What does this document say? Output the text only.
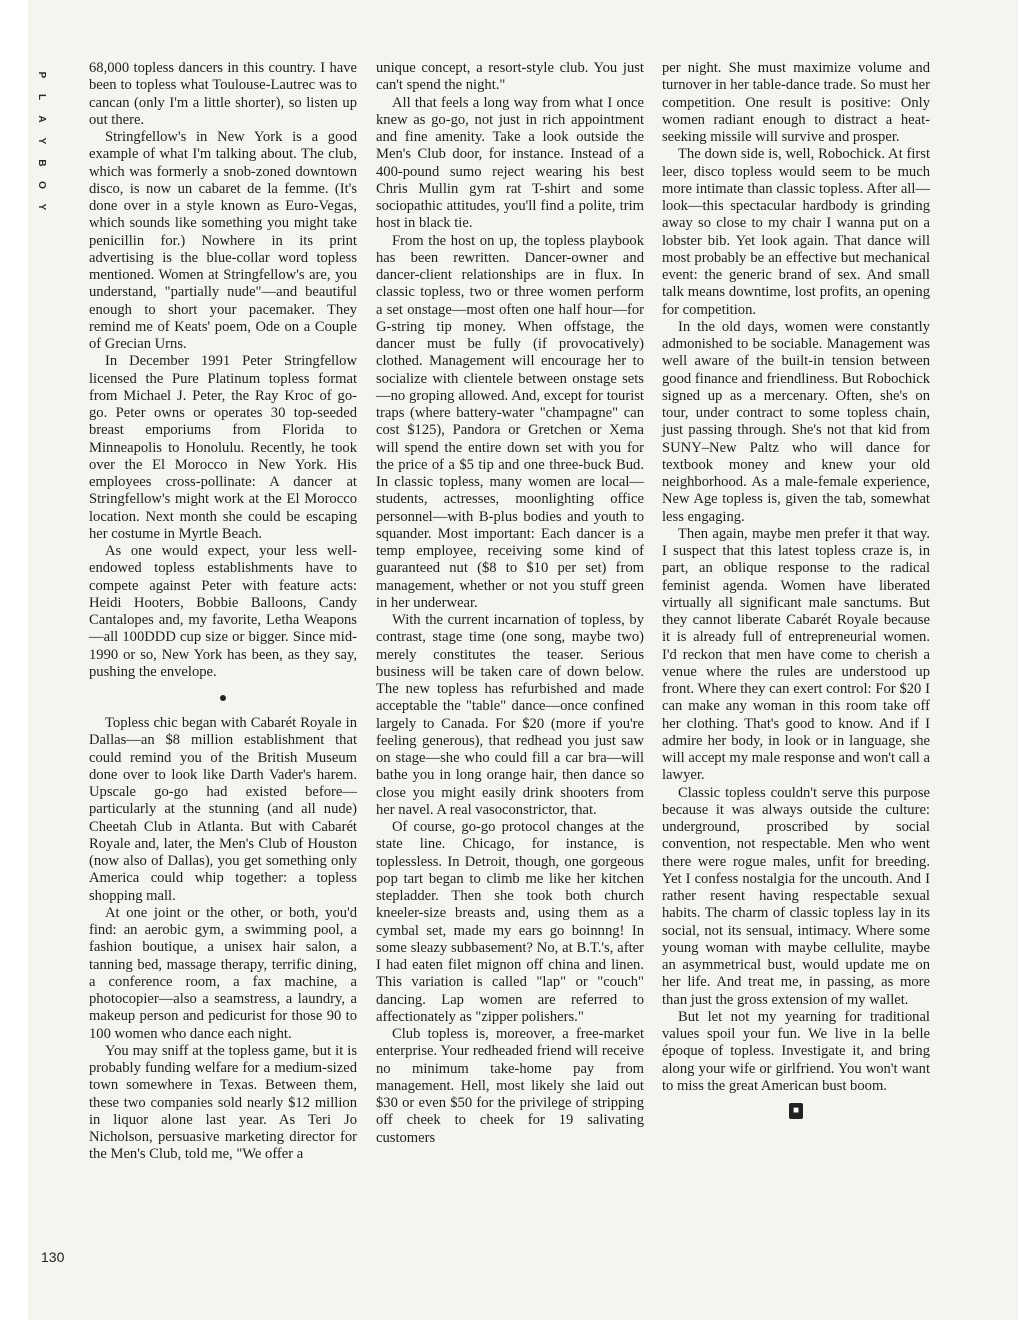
P
L
A
Y
B
O
Y

68,000 topless dancers in this country. I have been to topless what Toulouse-Lautrec was to cancan (only I'm a little shorter), so listen up out there.

Stringfellow's in New York is a good example of what I'm talking about. The club, which was formerly a snob-zoned downtown disco, is now un cabaret de la femme. (It's done over in a style known as Euro-Vegas, which sounds like something you might take penicillin for.) Nowhere in its print advertising is the blue-collar word topless mentioned. Women at Stringfellow's are, you understand, "partially nude"—and beautiful enough to short your pacemaker. They remind me of Keats' poem, Ode on a Couple of Grecian Urns.

In December 1991 Peter Stringfellow licensed the Pure Platinum topless format from Michael J. Peter, the Ray Kroc of go-go. Peter owns or operates 30 top-seeded breast emporiums from Florida to Minneapolis to Honolulu. Recently, he took over the El Morocco in New York. His employees cross-pollinate: A dancer at Stringfellow's might work at the El Morocco location. Next month she could be escaping her costume in Myrtle Beach.

As one would expect, your less well-endowed topless establishments have to compete against Peter with feature acts: Heidi Hooters, Bobbie Balloons, Candy Cantalopes and, my favorite, Letha Weapons—all 100DDD cup size or bigger. Since mid-1990 or so, New York has been, as they say, pushing the envelope.

Topless chic began with Cabarét Royale in Dallas—an $8 million establishment that could remind you of the British Museum done over to look like Darth Vader's harem. Upscale go-go had existed before—particularly at the stunning (and all nude) Cheetah Club in Atlanta. But with Cabarét Royale and, later, the Men's Club of Houston (now also of Dallas), you get something only America could whip together: a topless shopping mall.

At one joint or the other, or both, you'd find: an aerobic gym, a swimming pool, a fashion boutique, a unisex hair salon, a tanning bed, massage therapy, terrific dining, a conference room, a fax machine, a photocopier—also a seamstress, a laundry, a makeup person and pedicurist for those 90 to 100 women who dance each night.

You may sniff at the topless game, but it is probably funding welfare for a medium-sized town somewhere in Texas. Between them, these two companies sold nearly $12 million in liquor alone last year. As Teri Jo Nicholson, persuasive marketing director for the Men's Club, told me, "We offer a

unique concept, a resort-style club. You just can't spend the night."

All that feels a long way from what I once knew as go-go, not just in rich appointment and fine amenity. Take a look outside the Men's Club door, for instance. Instead of a 400-pound sumo reject wearing his best Chris Mullin gym rat T-shirt and some sociopathic attitudes, you'll find a polite, trim host in black tie.

From the host on up, the topless playbook has been rewritten. Dancer-owner and dancer-client relationships are in flux. In classic topless, two or three women perform a set onstage—most often one half hour—for G-string tip money. When offstage, the dancer must be fully (if provocatively) clothed. Management will encourage her to socialize with clientele between onstage sets—no groping allowed. And, except for tourist traps (where battery-water "champagne" can cost $125), Pandora or Gretchen or Xema will spend the entire down set with you for the price of a $5 tip and one three-buck Bud. In classic topless, many women are local—students, actresses, moonlighting office personnel—with B-plus bodies and youth to squander. Most important: Each dancer is a temp employee, receiving some kind of guaranteed nut ($8 to $10 per set) from management, whether or not you stuff green in her underwear.

With the current incarnation of topless, by contrast, stage time (one song, maybe two) merely constitutes the teaser. Serious business will be taken care of down below. The new topless has refurbished and made acceptable the "table" dance—once confined largely to Canada. For $20 (more if you're feeling generous), that redhead you just saw on stage—she who could fill a car bra—will bathe you in long orange hair, then dance so close you might easily drink shooters from her navel. A real vasoconstrictor, that.

Of course, go-go protocol changes at the state line. Chicago, for instance, is toplessless. In Detroit, though, one gorgeous pop tart began to climb me like her kitchen stepladder. Then she took both church kneeler-size breasts and, using them as a cymbal set, made my ears go boinnng! In some sleazy subbasement? No, at B.T.'s, after I had eaten filet mignon off china and linen. This variation is called "lap" or "couch" dancing. Lap women are referred to affectionately as "zipper polishers."

Club topless is, moreover, a free-market enterprise. Your redheaded friend will receive no minimum take-home pay from management. Hell, most likely she laid out $30 or even $50 for the privilege of stripping off cheek to cheek for 19 salivating customers

per night. She must maximize volume and turnover in her table-dance trade. So must her competition. One result is positive: Only women radiant enough to distract a heat-seeking missile will survive and prosper.

The down side is, well, Robochick. At first leer, disco topless would seem to be much more intimate than classic topless. After all—look—this spectacular hardbody is grinding away so close to my chair I wanna put on a lobster bib. Yet look again. That dance will most probably be an effective but mechanical event: the generic brand of sex. And small talk means downtime, lost profits, an opening for competition.

In the old days, women were constantly admonished to be sociable. Management was well aware of the built-in tension between good finance and friendliness. But Robochick signed up as a mercenary. Often, she's on tour, under contract to some topless chain, just passing through. She's not that kid from SUNY–New Paltz who will dance for textbook money and knew your old neighborhood. As a male-female experience, New Age topless is, given the tab, somewhat less engaging.

Then again, maybe men prefer it that way. I suspect that this latest topless craze is, in part, an oblique response to the radical feminist agenda. Women have liberated virtually all significant male sanctums. But they cannot liberate Cabarét Royale because it is already full of entrepreneurial women. I'd reckon that men have come to cherish a venue where the rules are understood up front. Where they can exert control: For $20 I can make any woman in this room take off her clothing. That's good to know. And if I admire her body, in look or in language, she will accept my male response and won't call a lawyer.

Classic topless couldn't serve this purpose because it was always outside the culture: underground, proscribed by social convention, not respectable. Men who went there were rogue males, unfit for breeding. Yet I confess nostalgia for the uncouth. And I rather resent having respectable sexual habits. The charm of classic topless lay in its social, not its sensual, intimacy. Where some young woman with maybe cellulite, maybe an asymmetrical bust, would update me on her life. And treat me, in passing, as more than just the gross extension of my wallet.

But let not my yearning for traditional values spoil your fun. We live in la belle époque of topless. Investigate it, and bring along your wife or girlfriend. You won't want to miss the great American bust boom.

■
130
